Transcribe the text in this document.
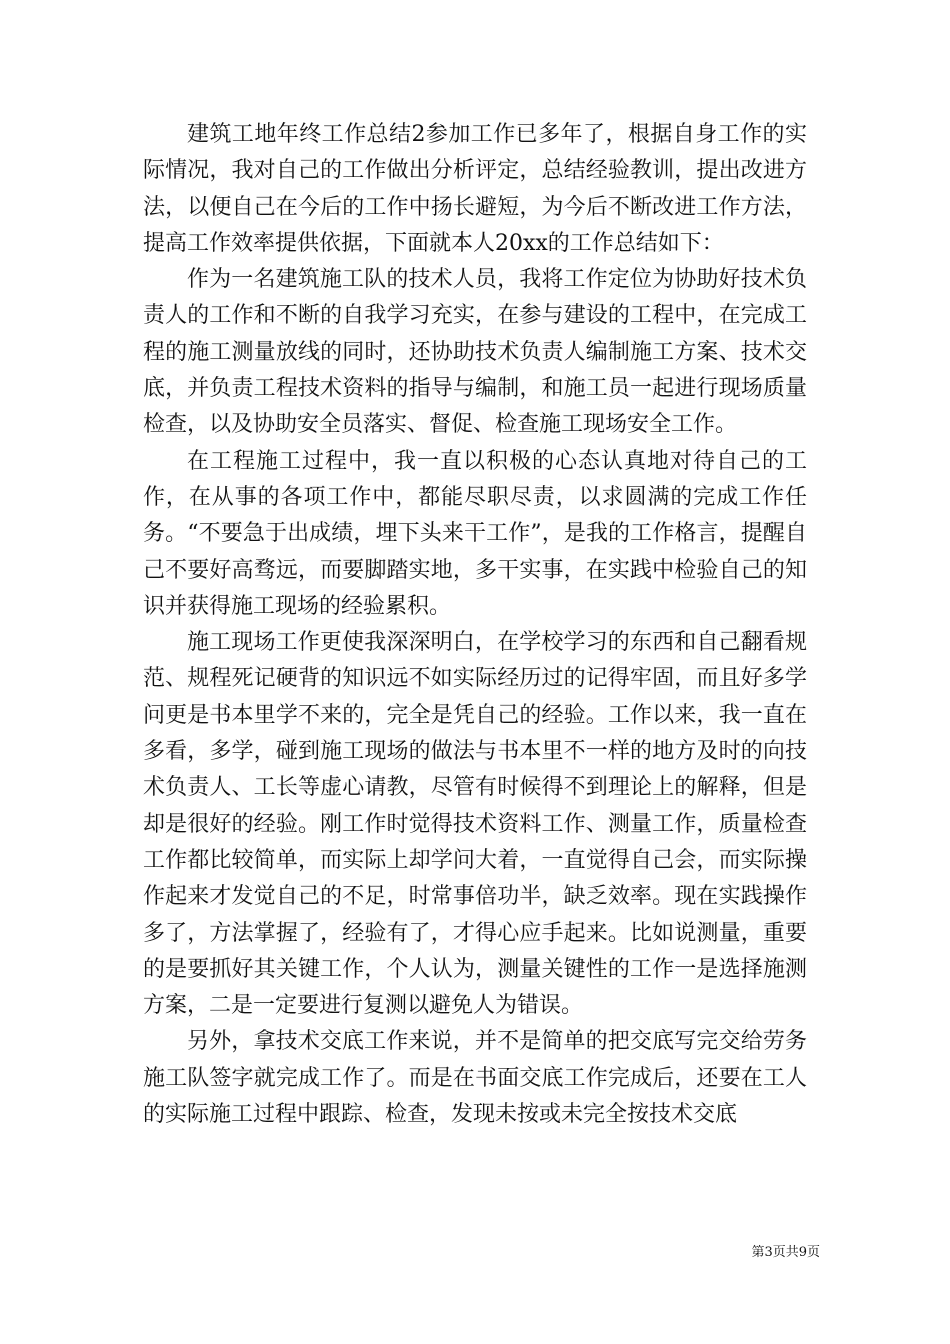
建筑工地年终工作总结2参加工作已多年了，根据自身工作的实际情况，我对自己的工作做出分析评定，总结经验教训，提出改进方法，以便自己在今后的工作中扬长避短，为今后不断改进工作方法，提高工作效率提供依据，下面就本人20xx的工作总结如下：

作为一名建筑施工队的技术人员，我将工作定位为协助好技术负责人的工作和不断的自我学习充实，在参与建设的工程中，在完成工程的施工测量放线的同时，还协助技术负责人编制施工方案、技术交底，并负责工程技术资料的指导与编制，和施工员一起进行现场质量检查，以及协助安全员落实、督促、检查施工现场安全工作。

在工程施工过程中，我一直以积极的心态认真地对待自己的工作，在从事的各项工作中，都能尽职尽责，以求圆满的完成工作任务。“不要急于出成绩，埋下头来干工作”，是我的工作格言，提醒自己不要好高骛远，而要脚踏实地，多干实事，在实践中检验自己的知识并获得施工现场的经验累积。

施工现场工作更使我深深明白，在学校学习的东西和自己翻看规范、规程死记硬背的知识远不如实际经历过的记得牢固，而且好多学问更是书本里学不来的，完全是凭自己的经验。工作以来，我一直在多看，多学，碰到施工现场的做法与书本里不一样的地方及时的向技术负责人、工长等虚心请教，尽管有时候得不到理论上的解释，但是却是很好的经验。刚工作时觉得技术资料工作、测量工作，质量检查工作都比较简单，而实际上却学问大着，一直觉得自己会，而实际操作起来才发觉自己的不足，时常事倍功半，缺乏效率。现在实践操作多了，方法掌握了，经验有了，才得心应手起来。比如说测量，重要的是要抓好其关键工作，个人认为，测量关键性的工作一是选择施测方案，二是一定要进行复测以避免人为错误。

另外，拿技术交底工作来说，并不是简单的把交底写完交给劳务施工队签字就完成工作了。而是在书面交底工作完成后，还要在工人的实际施工过程中跟踪、检查，发现未按或未完全按技术交底

第3页共9页
